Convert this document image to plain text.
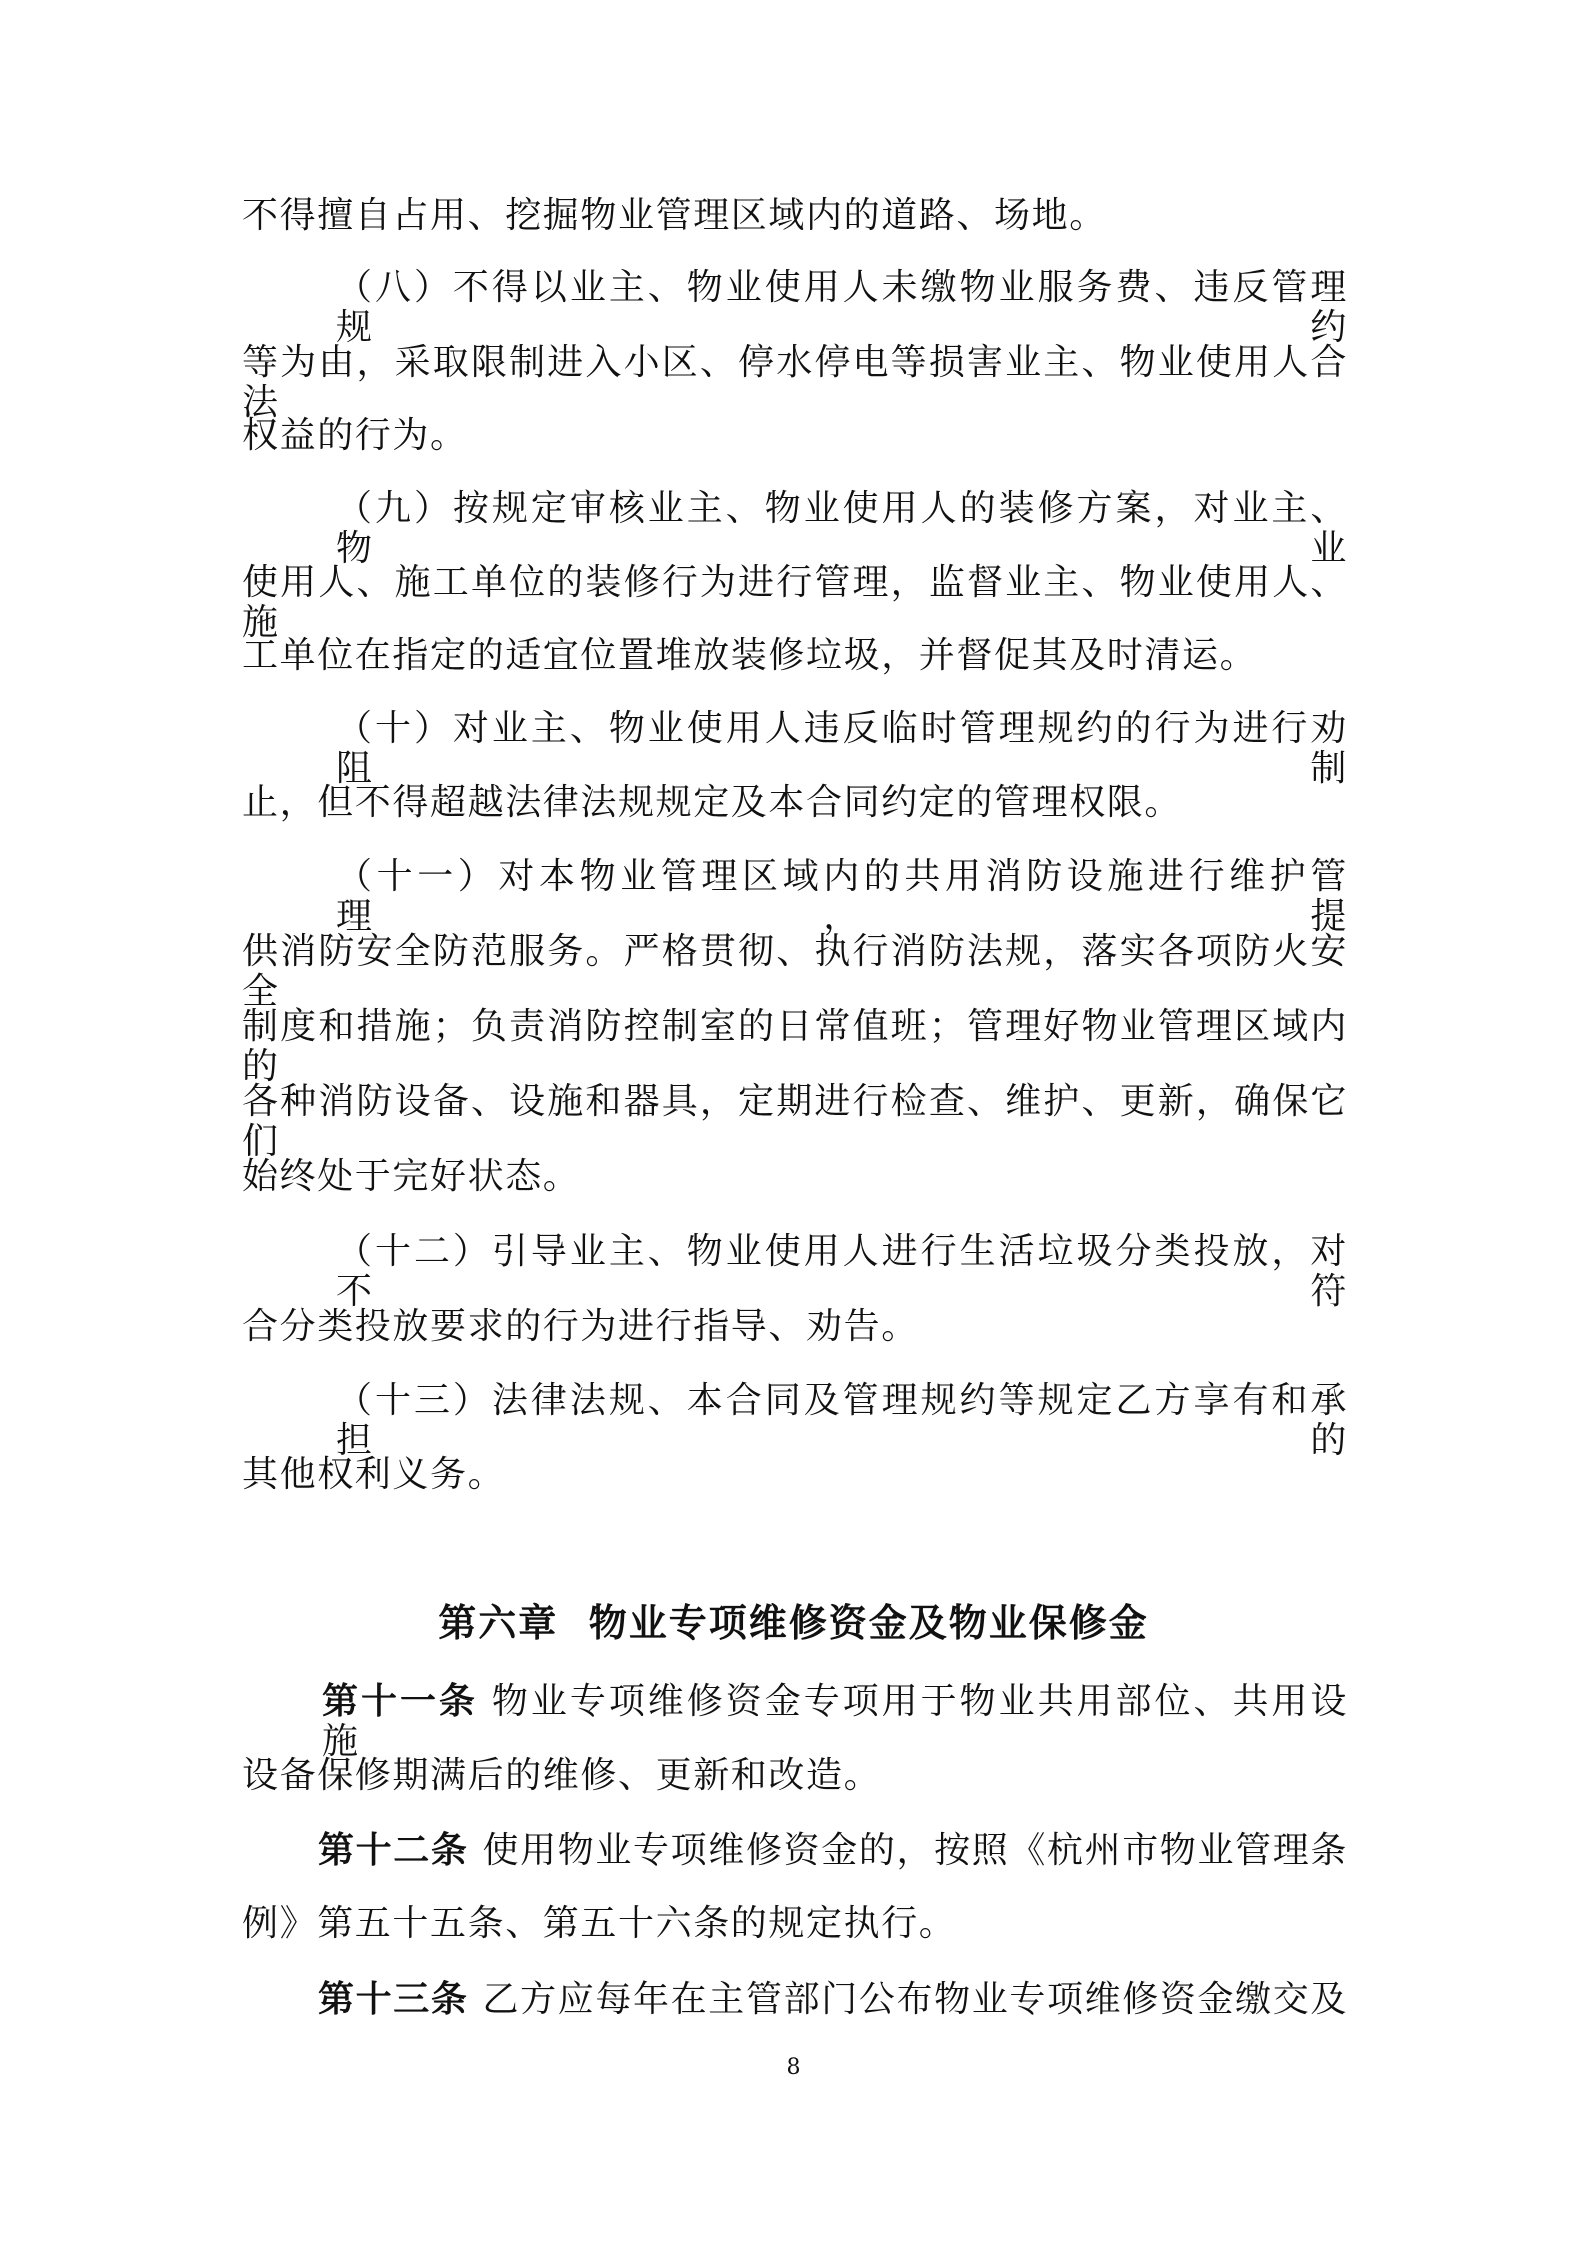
不得擅自占用、挖掘物业管理区域内的道路、场地。
（八）不得以业主、物业使用人未缴物业服务费、违反管理规约
等为由，采取限制进入小区、停水停电等损害业主、物业使用人合法
权益的行为。
（九）按规定审核业主、物业使用人的装修方案，对业主、物业
使用人、施工单位的装修行为进行管理，监督业主、物业使用人、施
工单位在指定的适宜位置堆放装修垃圾，并督促其及时清运。
（十）对业主、物业使用人违反临时管理规约的行为进行劝阻制
止，但不得超越法律法规规定及本合同约定的管理权限。
（十一）对本物业管理区域内的共用消防设施进行维护管理，提
供消防安全防范服务。严格贯彻、执行消防法规，落实各项防火安全
制度和措施；负责消防控制室的日常值班；管理好物业管理区域内的
各种消防设备、设施和器具，定期进行检查、维护、更新，确保它们
始终处于完好状态。
（十二）引导业主、物业使用人进行生活垃圾分类投放，对不符
合分类投放要求的行为进行指导、劝告。
（十三）法律法规、本合同及管理规约等规定乙方享有和承担的
其他权利义务。
第六章  物业专项维修资金及物业保修金
第十一条 物业专项维修资金专项用于物业共用部位、共用设施
设备保修期满后的维修、更新和改造。
第十二条 使用物业专项维修资金的，按照《杭州市物业管理条
例》第五十五条、第五十六条的规定执行。
第十三条 乙方应每年在主管部门公布物业专项维修资金缴交及
8
